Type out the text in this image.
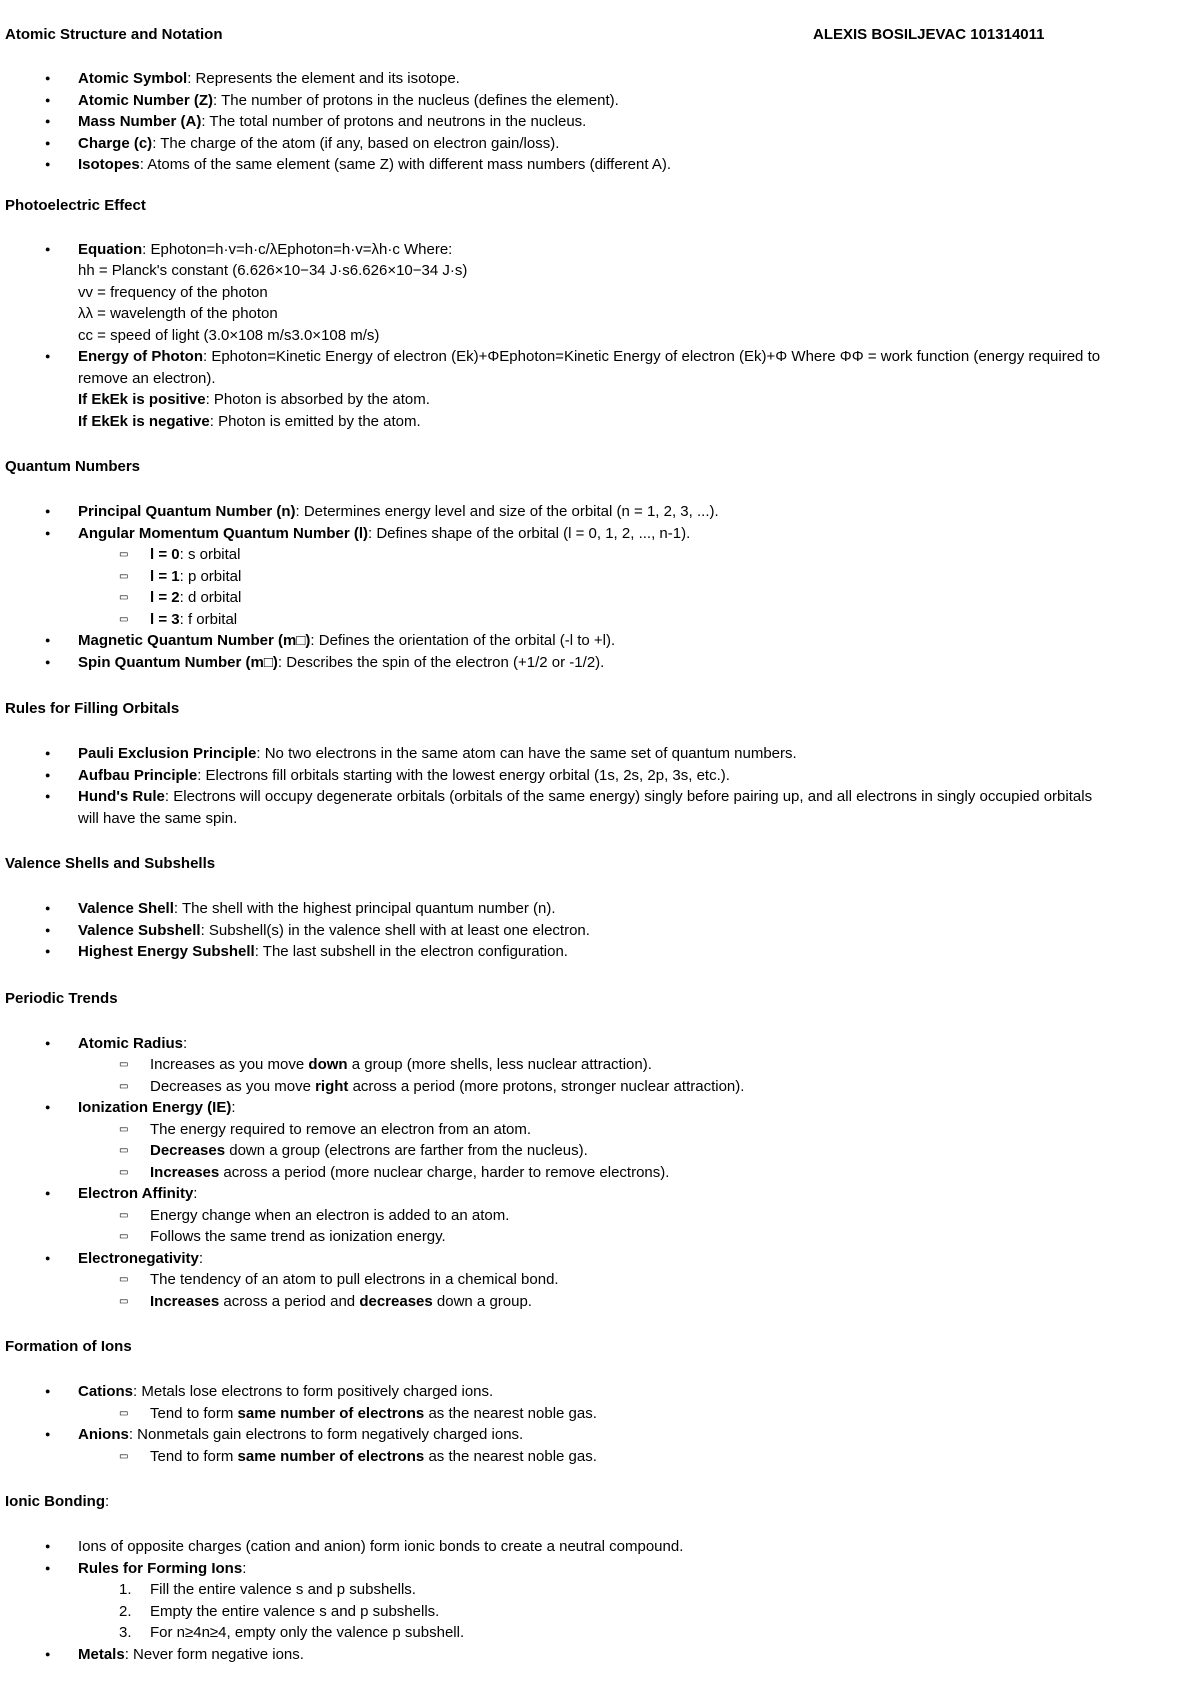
Atomic Structure and Notation	ALEXIS BOSILJEVAC 101314011
● Atomic Symbol: Represents the element and its isotope.
● Atomic Number (Z): The number of protons in the nucleus (defines the element).
● Mass Number (A): The total number of protons and neutrons in the nucleus.
● Charge (c): The charge of the atom (if any, based on electron gain/loss).
● Isotopes: Atoms of the same element (same Z) with different mass numbers (different A).
Photoelectric Effect
● Equation: Ephoton=h·v=h·c/λEphoton=h·v=λh·c Where:
hh = Planck's constant (6.626×10−34 J·s6.626×10−34 J·s)
vv = frequency of the photon
λλ = wavelength of the photon
cc = speed of light (3.0×108 m/s3.0×108 m/s)
● Energy of Photon: Ephoton=Kinetic Energy of electron (Ek)+ΦEphoton=Kinetic Energy of electron (Ek)+Φ Where ΦΦ = work function (energy required to
remove an electron).
If EkEk is positive: Photon is absorbed by the atom.
If EkEk is negative: Photon is emitted by the atom.
Quantum Numbers
● Principal Quantum Number (n): Determines energy level and size of the orbital (n = 1, 2, 3, ...).
● Angular Momentum Quantum Number (l): Defines shape of the orbital (l = 0, 1, 2, ..., n-1).
▭ l = 0: s orbital
▭ l = 1: p orbital
▭ l = 2: d orbital
▭ l = 3: f orbital
● Magnetic Quantum Number (m□): Defines the orientation of the orbital (-l to +l).
● Spin Quantum Number (m□): Describes the spin of the electron (+1/2 or -1/2).
Rules for Filling Orbitals
● Pauli Exclusion Principle: No two electrons in the same atom can have the same set of quantum numbers.
● Aufbau Principle: Electrons fill orbitals starting with the lowest energy orbital (1s, 2s, 2p, 3s, etc.).
● Hund's Rule: Electrons will occupy degenerate orbitals (orbitals of the same energy) singly before pairing up, and all electrons in singly occupied orbitals
will have the same spin.
Valence Shells and Subshells
● Valence Shell: The shell with the highest principal quantum number (n).
● Valence Subshell: Subshell(s) in the valence shell with at least one electron.
● Highest Energy Subshell: The last subshell in the electron configuration.
Periodic Trends
● Atomic Radius:
▭ Increases as you move down a group (more shells, less nuclear attraction).
▭ Decreases as you move right across a period (more protons, stronger nuclear attraction).
● Ionization Energy (IE):
▭ The energy required to remove an electron from an atom.
▭ Decreases down a group (electrons are farther from the nucleus).
▭ Increases across a period (more nuclear charge, harder to remove electrons).
● Electron Affinity:
▭ Energy change when an electron is added to an atom.
▭ Follows the same trend as ionization energy.
● Electronegativity:
▭ The tendency of an atom to pull electrons in a chemical bond.
▭ Increases across a period and decreases down a group.
Formation of Ions
● Cations: Metals lose electrons to form positively charged ions.
▭ Tend to form same number of electrons as the nearest noble gas.
● Anions: Nonmetals gain electrons to form negatively charged ions.
▭ Tend to form same number of electrons as the nearest noble gas.
Ionic Bonding:
● Ions of opposite charges (cation and anion) form ionic bonds to create a neutral compound.
● Rules for Forming Ions:
1. Fill the entire valence s and p subshells.
2. Empty the entire valence s and p subshells.
3. For n≥4n≥4, empty only the valence p subshell.
● Metals: Never form negative ions.
